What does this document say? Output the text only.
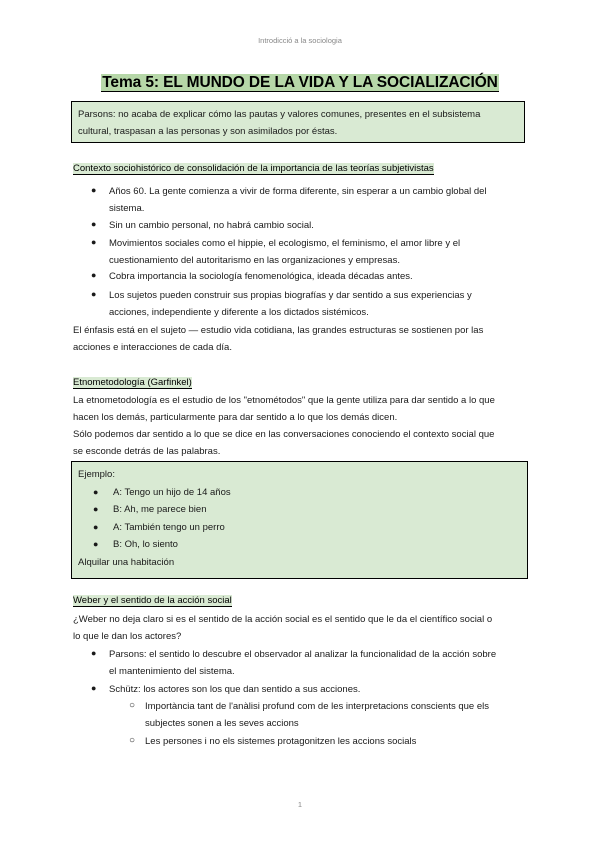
Introdicció a la sociologia
Tema 5: EL MUNDO DE LA VIDA Y LA SOCIALIZACIÓN
Parsons: no acaba de explicar cómo las pautas y valores comunes, presentes en el subsistema
cultural, traspasan a las personas y son asimilados por éstas.
Contexto sociohistórico de consolidación de la importancia de las teorías subjetivistas
● Años 60. La gente comienza a vivir de forma diferente, sin esperar a un cambio global del
sistema.
● Sin un cambio personal, no habrá cambio social.
● Movimientos sociales como el hippie, el ecologismo, el feminismo, el amor libre y el
cuestionamiento del autoritarismo en las organizaciones y empresas.
● Cobra importancia la sociología fenomenológica, ideada décadas antes.
● Los sujetos pueden construir sus propias biografías y dar sentido a sus experiencias y
acciones, independiente y diferente a los dictados sistémicos.
El énfasis está en el sujeto — estudio vida cotidiana, las grandes estructuras se sostienen por las
acciones e interacciones de cada día.
Etnometodología (Garfinkel)
La etnometodología es el estudio de los "etnométodos" que la gente utiliza para dar sentido a lo que
hacen los demás, particularmente para dar sentido a lo que los demás dicen.
Sólo podemos dar sentido a lo que se dice en las conversaciones conociendo el contexto social que
se esconde detrás de las palabras.
Ejemplo:
● A: Tengo un hijo de 14 años
● B: Ah, me parece bien
● A: También tengo un perro
● B: Oh, lo siento
Alquilar una habitación
Weber y el sentido de la acción social
¿Weber no deja claro si es el sentido de la acción social es el sentido que le da el científico social o
lo que le dan los actores?
● Parsons: el sentido lo descubre el observador al analizar la funcionalidad de la acción sobre
el mantenimiento del sistema.
● Schütz: los actores son los que dan sentido a sus acciones.
○ Importància tant de l'anàlisi profund com de les interpretacions conscients que els
subjectes sonen a les seves accions
○ Les persones i no els sistemes protagonitzen les accions socials
1
